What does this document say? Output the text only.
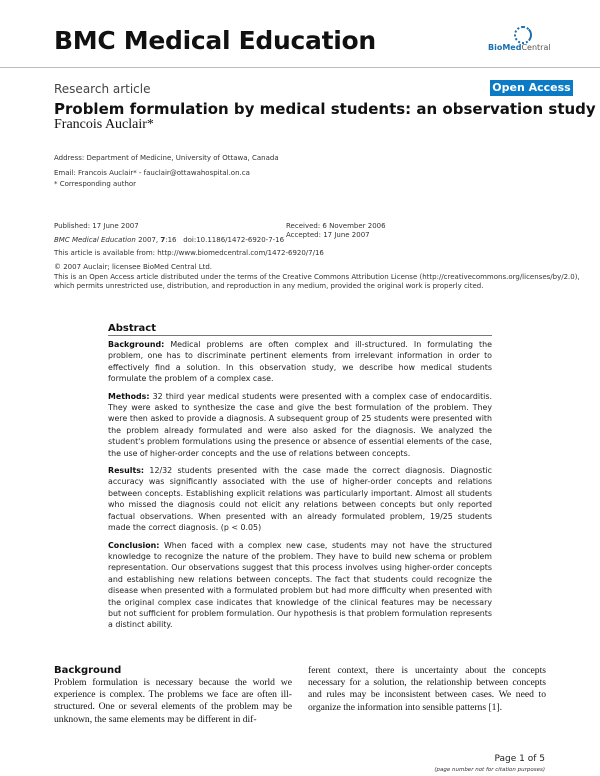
BMC Medical Education	BioMedCentral
Research article	Open Access
Problem formulation by medical students: an observation study
Francois Auclair*
Address: Department of Medicine, University of Ottawa, Canada
Email: Francois Auclair* - fauclair@ottawahospital.on.ca
* Corresponding author
Published: 17 June 2007
BMC Medical Education 2007, 7:16 doi:10.1186/1472-6920-7-16
Received: 6 November 2006
Accepted: 17 June 2007
This article is available from: http://www.biomedcentral.com/1472-6920/7/16
© 2007 Auclair; licensee BioMed Central Ltd.
This is an Open Access article distributed under the terms of the Creative Commons Attribution License (http://creativecommons.org/licenses/by/2.0),
which permits unrestricted use, distribution, and reproduction in any medium, provided the original work is properly cited.
Abstract

Background: Medical problems are often complex and ill-structured. In formulating the problem, one has to discriminate pertinent elements from irrelevant information in order to effectively find a solution. In this observation study, we describe how medical students formulate the problem of a complex case.

Methods: 32 third year medical students were presented with a complex case of endocarditis. They were asked to synthesize the case and give the best formulation of the problem. They were then asked to provide a diagnosis. A subsequent group of 25 students were presented with the problem already formulated and were also asked for the diagnosis. We analyzed the student's problem formulations using the presence or absence of essential elements of the case, the use of higher-order concepts and the use of relations between concepts.

Results: 12/32 students presented with the case made the correct diagnosis. Diagnostic accuracy was significantly associated with the use of higher-order concepts and relations between concepts. Establishing explicit relations was particularly important. Almost all students who missed the diagnosis could not elicit any relations between concepts but only reported factual observations. When presented with an already formulated problem, 19/25 students made the correct diagnosis. (p < 0.05)

Conclusion: When faced with a complex new case, students may not have the structured knowledge to recognize the nature of the problem. They have to build new schema or problem representation. Our observations suggest that this process involves using higher-order concepts and establishing new relations between concepts. The fact that students could recognize the disease when presented with a formulated problem but had more difficulty when presented with the original complex case indicates that knowledge of the clinical features may be necessary but not sufficient for problem formulation. Our hypothesis is that problem formulation represents a distinct ability.

Background

Problem formulation is necessary because the world we experience is complex. The problems we face are often ill-structured. One or several elements of the problem may be unknown, the same elements may be different in dif-

ferent context, there is uncertainty about the concepts necessary for a solution, the relationship between concepts and rules may be inconsistent between cases. We need to organize the information into sensible patterns [1].

Page 1 of 5
(page number not for citation purposes)
